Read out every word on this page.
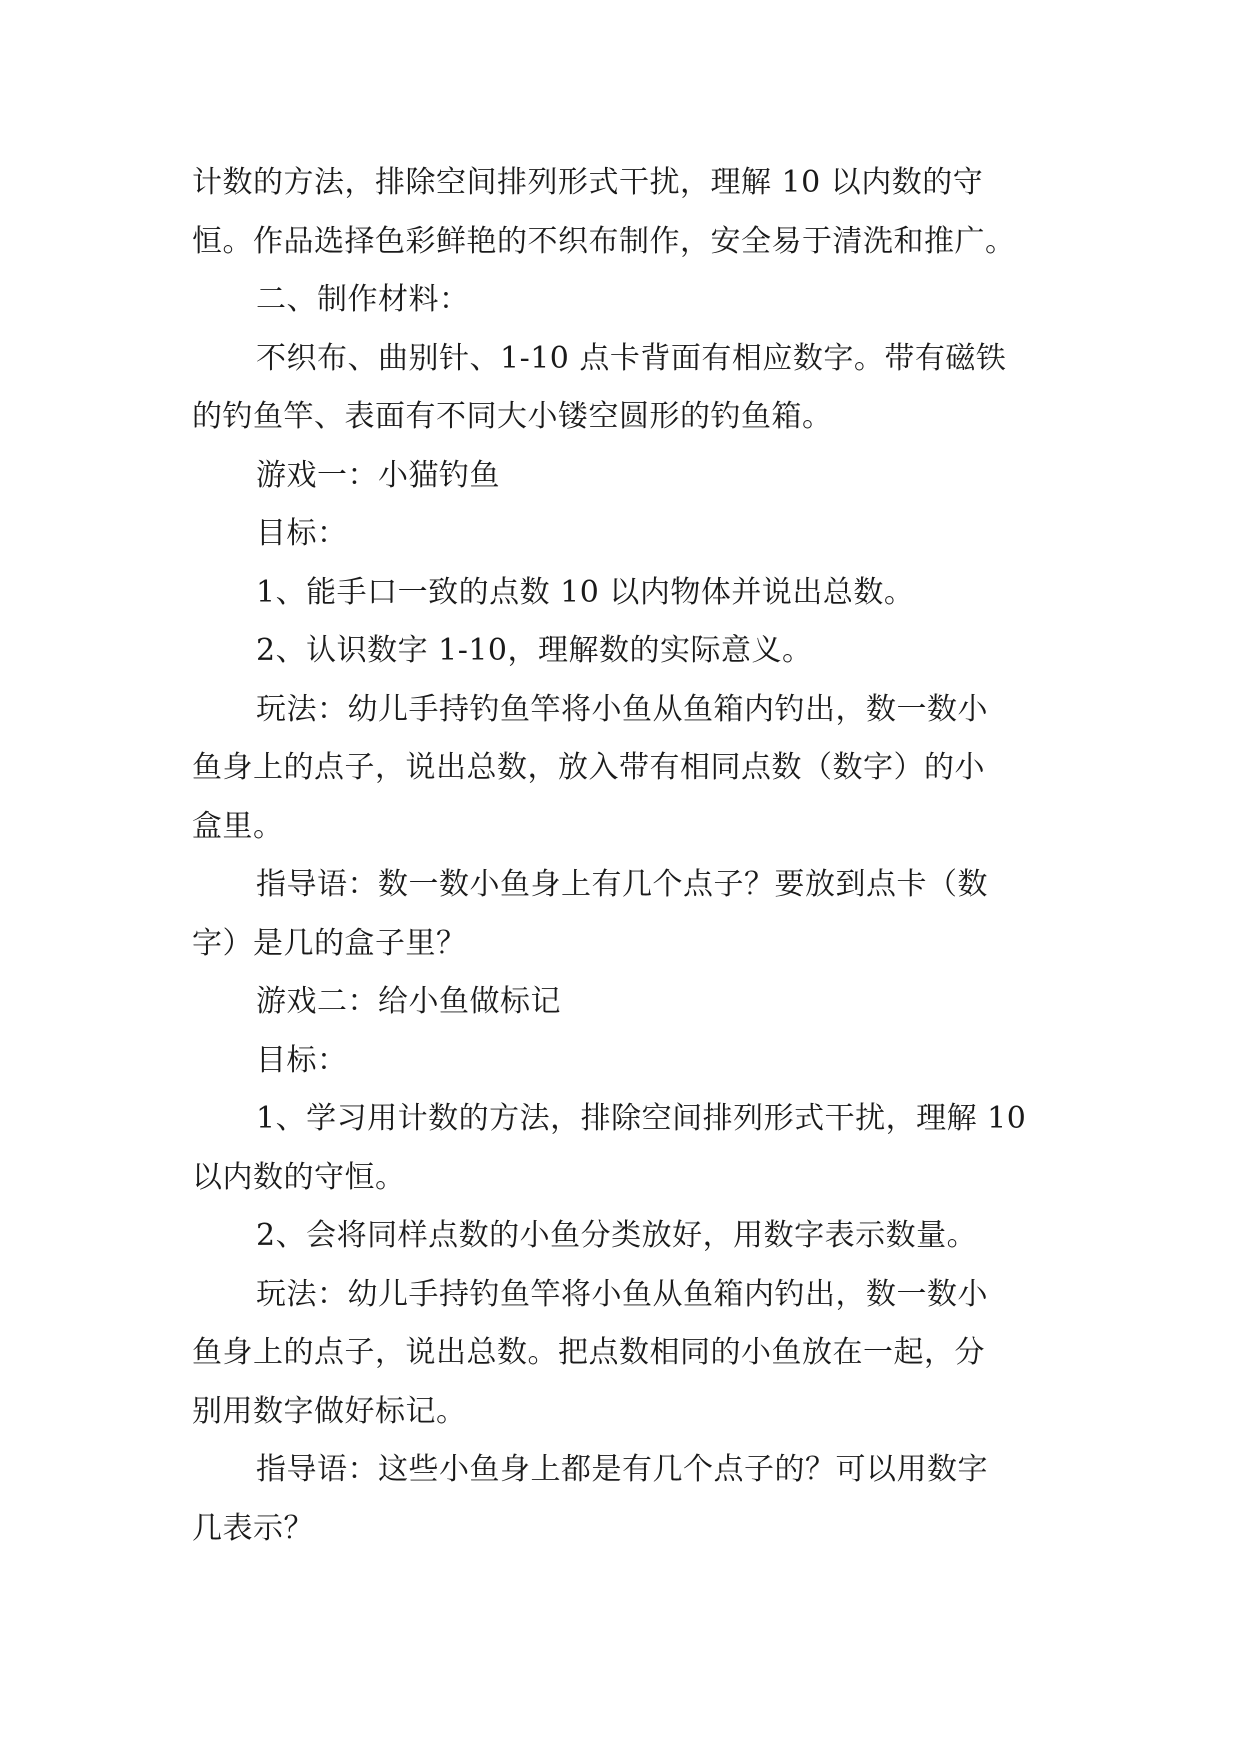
计数的方法，排除空间排列形式干扰，理解 10 以内数的守
恒。作品选择色彩鲜艳的不织布制作，安全易于清洗和推广。
二、制作材料：
不织布、曲别针、1-10 点卡背面有相应数字。带有磁铁
的钓鱼竿、表面有不同大小镂空圆形的钓鱼箱。
游戏一：小猫钓鱼
目标：
1、能手口一致的点数 10 以内物体并说出总数。
2、认识数字 1-10，理解数的实际意义。
玩法：幼儿手持钓鱼竿将小鱼从鱼箱内钓出，数一数小
鱼身上的点子，说出总数，放入带有相同点数（数字）的小
盒里。
指导语：数一数小鱼身上有几个点子？要放到点卡（数
字）是几的盒子里？
游戏二：给小鱼做标记
目标：
1、学习用计数的方法，排除空间排列形式干扰，理解 10
以内数的守恒。
2、会将同样点数的小鱼分类放好，用数字表示数量。
玩法：幼儿手持钓鱼竿将小鱼从鱼箱内钓出，数一数小
鱼身上的点子，说出总数。把点数相同的小鱼放在一起，分
别用数字做好标记。
指导语：这些小鱼身上都是有几个点子的？可以用数字
几表示？
